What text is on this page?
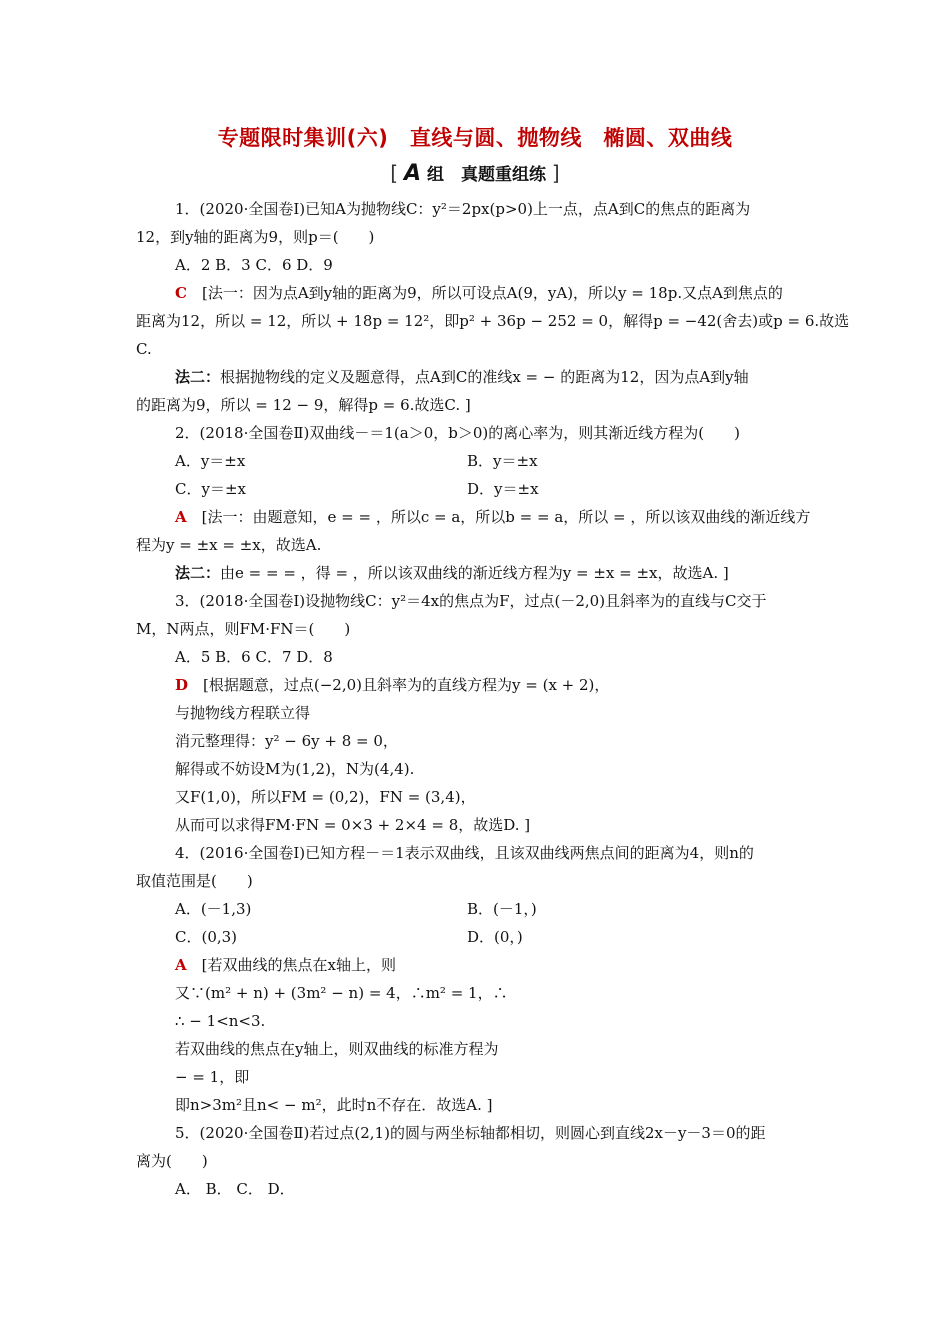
专题限时集训(六)　直线与圆、抛物线　椭圆、双曲线
[ A 组　真题重组练 ]
1．(2020·全国卷Ⅰ)已知A为抛物线C：y²＝2px(p>0)上一点，点A到C的焦点的距离为
12，到y轴的距离为9，则p＝(　　)
A．2 B．3 C．6 D．9
C　 [法一：因为点A到y轴的距离为9，所以可设点A(9，yA)，所以y = 18p.又点A到焦点的
距离为12，所以 = 12，所以 + 18p = 12²，即p² + 36p − 252 = 0，解得p = −42(舍去)或p = 6.故选
C.
法二：根据抛物线的定义及题意得，点A到C的准线x = − 的距离为12，因为点A到y轴
的距离为9，所以 = 12 − 9，解得p = 6.故选C. ]
2．(2018·全国卷Ⅱ)双曲线－＝1(a＞0，b＞0)的离心率为，则其渐近线方程为(　　)
A．y＝±x	B．y＝±x
C．y＝±x	D．y＝±x
A　 [法一：由题意知，e = = ，所以c = a，所以b = = a，所以 = ，所以该双曲线的渐近线方
程为y = ±x = ±x，故选A.
法二：由e = = = ，得 = ，所以该双曲线的渐近线方程为y = ±x = ±x，故选A. ]
3．(2018·全国卷Ⅰ)设抛物线C：y²＝4x的焦点为F，过点(－2,0)且斜率为的直线与C交于
M，N两点，则FM·FN＝(　　)
A．5 B．6 C．7 D．8
D　 [根据题意，过点(−2,0)且斜率为的直线方程为y = (x + 2)，
与抛物线方程联立得
消元整理得：y² − 6y + 8 = 0，
解得或不妨设M为(1,2)，N为(4,4).
又F(1,0)，所以FM = (0,2)，FN = (3,4)，
从而可以求得FM·FN = 0×3 + 2×4 = 8，故选D. ]
4．(2016·全国卷Ⅰ)已知方程－＝1表示双曲线，且该双曲线两焦点间的距离为4，则n的
取值范围是(　　)
A．(－1,3)	B．(－1，)
C．(0,3)	D．(0，)
A　 [若双曲线的焦点在x轴上，则
又∵(m² + n) + (3m² − n) = 4，∴m² = 1，∴
∴ − 1<n<3.
若双曲线的焦点在y轴上，则双曲线的标准方程为
− = 1，即
即n>3m²且n< − m²，此时n不存在．故选A. ]
5．(2020·全国卷Ⅱ)若过点(2,1)的圆与两坐标轴都相切，则圆心到直线2x－y－3＝0的距
离为(　　)
A． B． C． D．
